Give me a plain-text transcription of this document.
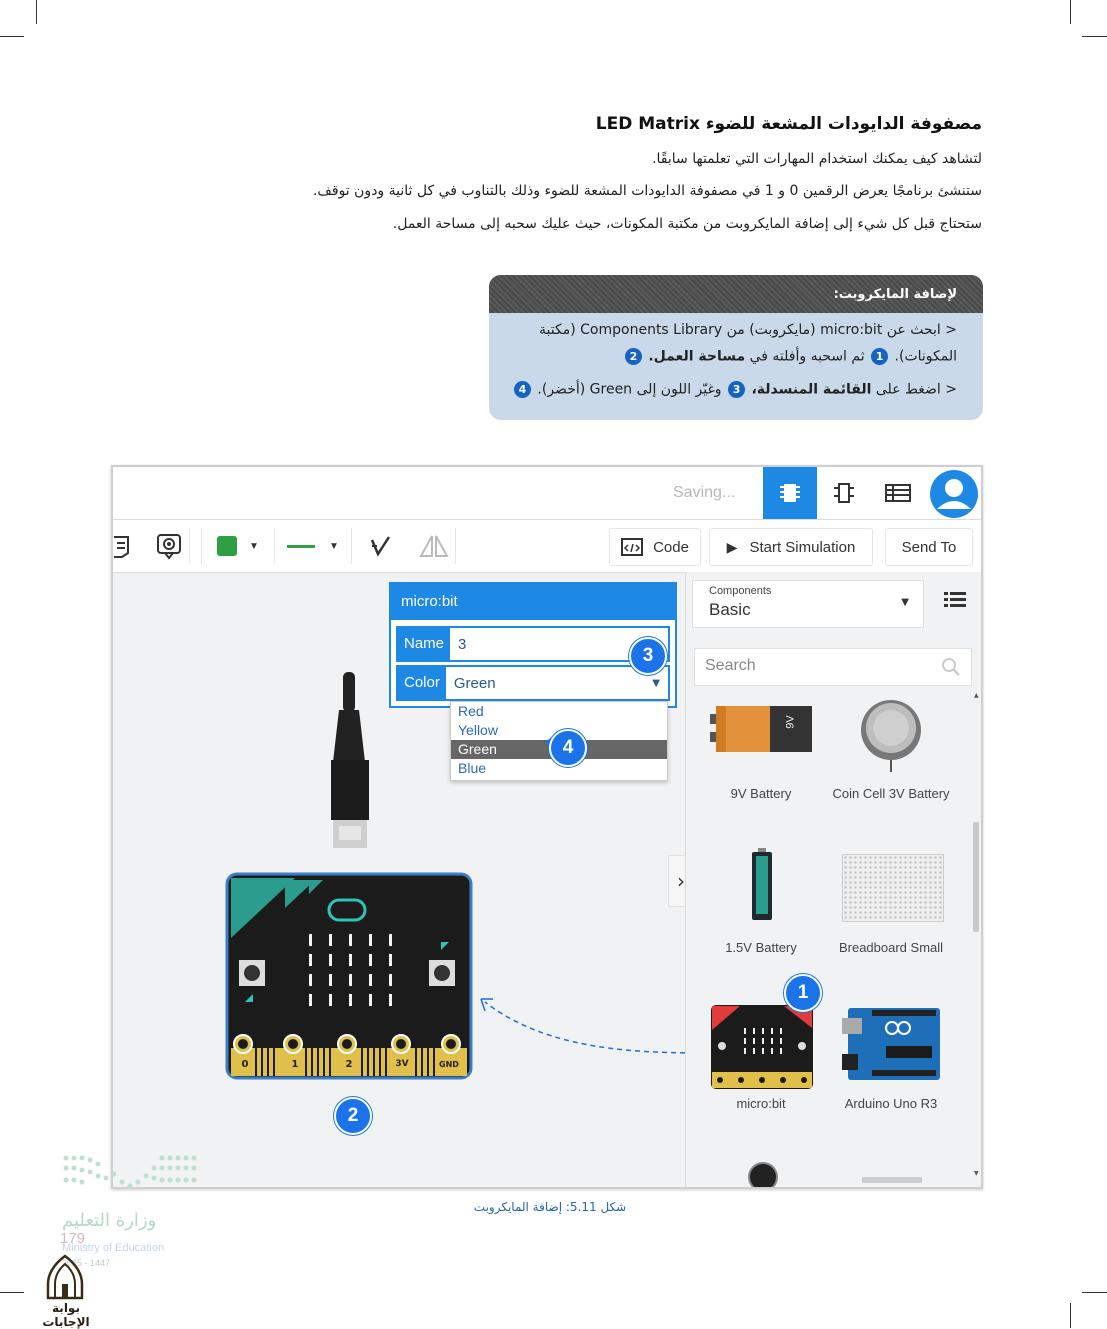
مصفوفة الدايودات المشعة للضوء LED Matrix
لتشاهد كيف يمكنك استخدام المهارات التي تعلمتها سابقًا.
ستنشئ برنامجًا يعرض الرقمين 0 و 1 في مصفوفة الدايودات المشعة للضوء وذلك بالتناوب في كل ثانية ودون توقف.
ستحتاج قبل كل شيء إلى إضافة المايكروبت من مكتبة المكونات، حيث عليك سحبه إلى مساحة العمل.
لإضافة المايكروبت:
< ابحث عن micro:bit (مايكروبت) من Components Library (مكتبة
المكونات). 1 ثم اسحبه وأفلته في مساحة العمل. 2
< اضغط على القائمة المنسدلة، 3 وغيّر اللون إلى Green (أخضر). 4
Saving...
▼	▼	Code	▶ Start Simulation	Send To
0	1	2	3V	GND
2
micro:bit
Name 3
Color Green	▼
3
Red
Yellow
Green
Blue
4
›
Components
Basic	▼
Search
▲
▼
9V
9V Battery	Coin Cell 3V Battery
1.5V Battery	Breadboard Small
micro:bit
1
Arduino Uno R3
شكل 5.11: إضافة المايكروبت
وزارة التعليم
179
Ministry of Education
2025 - 1447
بوابة الإجابات
